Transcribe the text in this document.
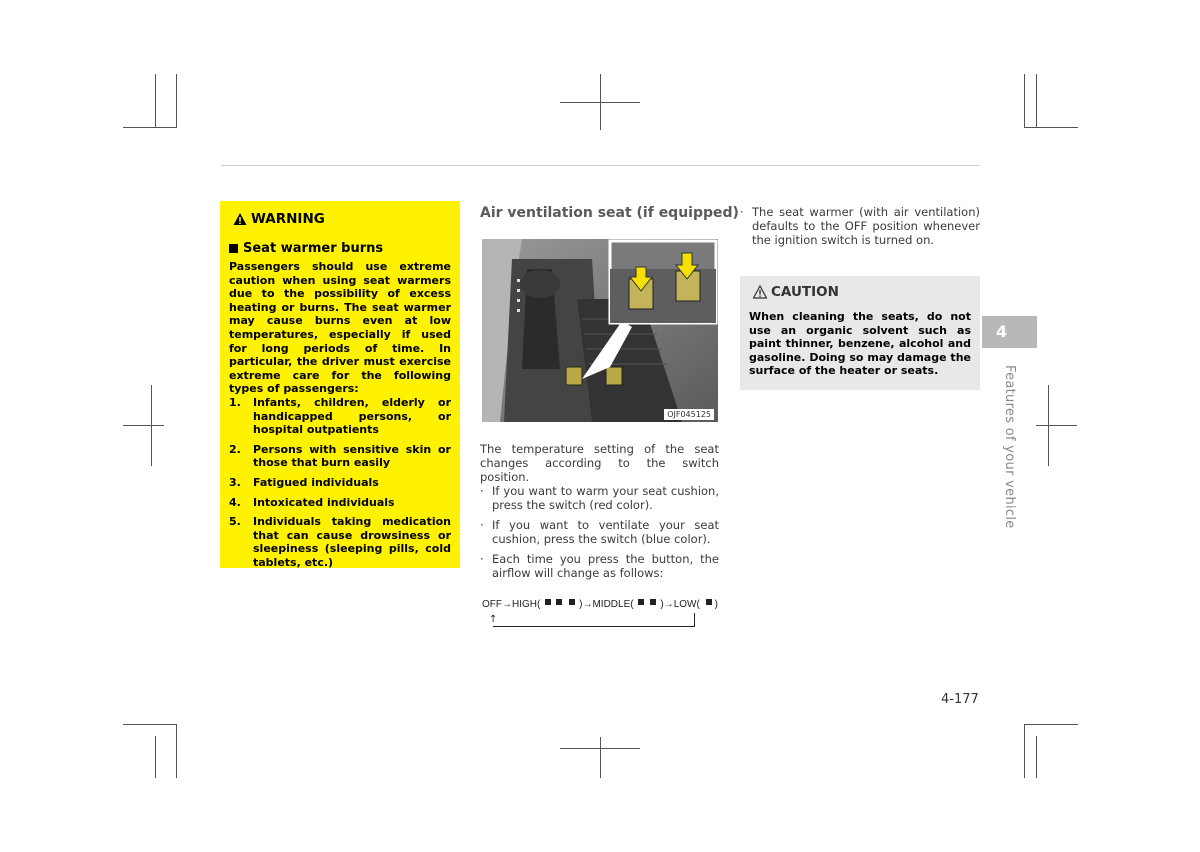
WARNING
Seat warmer burns
Passengers should use extreme caution when using seat warmers due to the possibility of excess heating or burns. The seat warmer may cause burns even at low temperatures, especially if used for long periods of time. In particular, the driver must exercise extreme care for the following types of passengers:
1.	Infants, children, elderly or handicapped persons, or hospital outpatients
2.	Persons with sensitive skin or those that burn easily
3.	Fatigued individuals
4.	Intoxicated individuals
5.	Individuals taking medication that can cause drowsiness or sleepiness (sleeping pills, cold tablets, etc.)
Air ventilation seat (if equipped)
OJF045125
The temperature setting of the seat changes according to the switch position.
· If you want to warm your seat cushion, press the switch (red color).
· If you want to ventilate your seat cushion, press the switch (blue color).
· Each time you press the button, the airflow will change as follows:
OFF→HIGH(	)→MIDDLE(	)→LOW( )
↑
· The seat warmer (with air ventilation) defaults to the OFF position whenever the ignition switch is turned on.
CAUTION
When cleaning the seats, do not use an organic solvent such as paint thinner, benzene, alcohol and gasoline. Doing so may damage the surface of the heater or seats.
4
Features of your vehicle
4-177
